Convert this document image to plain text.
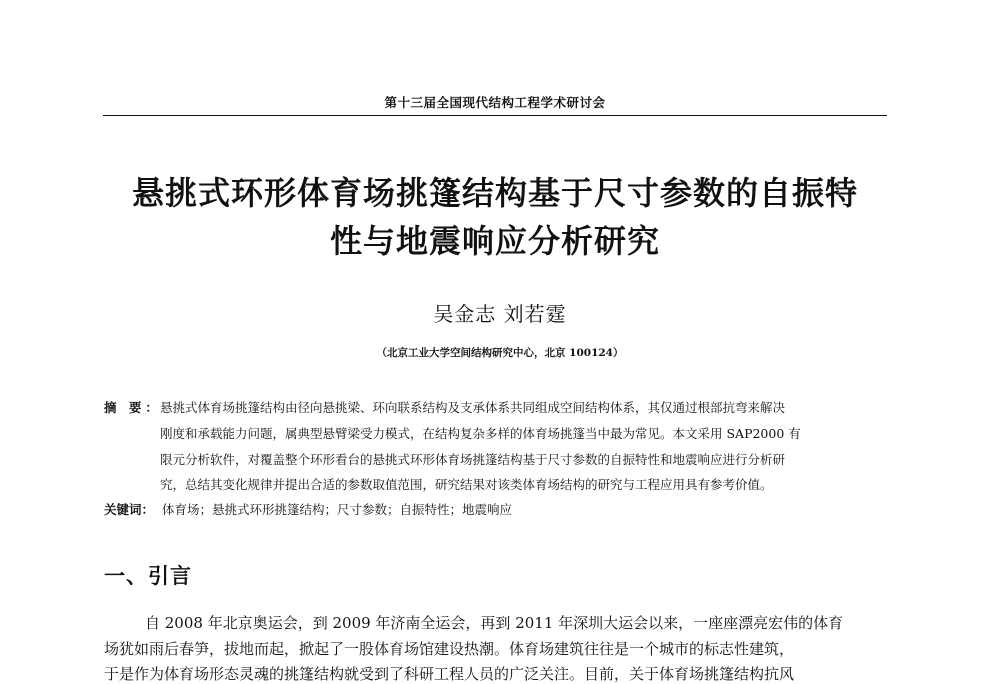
第十三届全国现代结构工程学术研讨会
悬挑式环形体育场挑篷结构基于尺寸参数的自振特
性与地震响应分析研究
吴金志 刘若霆
（北京工业大学空间结构研究中心，北京 100124）
摘 要：
悬挑式体育场挑篷结构由径向悬挑梁、环向联系结构及支承体系共同组成空间结构体系，其仅通过根部抗弯来解决
刚度和承载能力问题，属典型悬臂梁受力模式，在结构复杂多样的体育场挑篷当中最为常见。本文采用 SAP2000 有
限元分析软件，对覆盖整个环形看台的悬挑式环形体育场挑篷结构基于尺寸参数的自振特性和地震响应进行分析研
究，总结其变化规律并提出合适的参数取值范围，研究结果对该类体育场结构的研究与工程应用具有参考价值。
关键词： 体育场；悬挑式环形挑篷结构；尺寸参数；自振特性；地震响应
一、引言
自 2008 年北京奥运会，到 2009 年济南全运会，再到 2011 年深圳大运会以来，一座座漂亮宏伟的体育
场犹如雨后春笋，拔地而起，掀起了一股体育场馆建设热潮。体育场建筑往往是一个城市的标志性建筑，
于是作为体育场形态灵魂的挑篷结构就受到了科研工程人员的广泛关注。目前，关于体育场挑篷结构抗风
